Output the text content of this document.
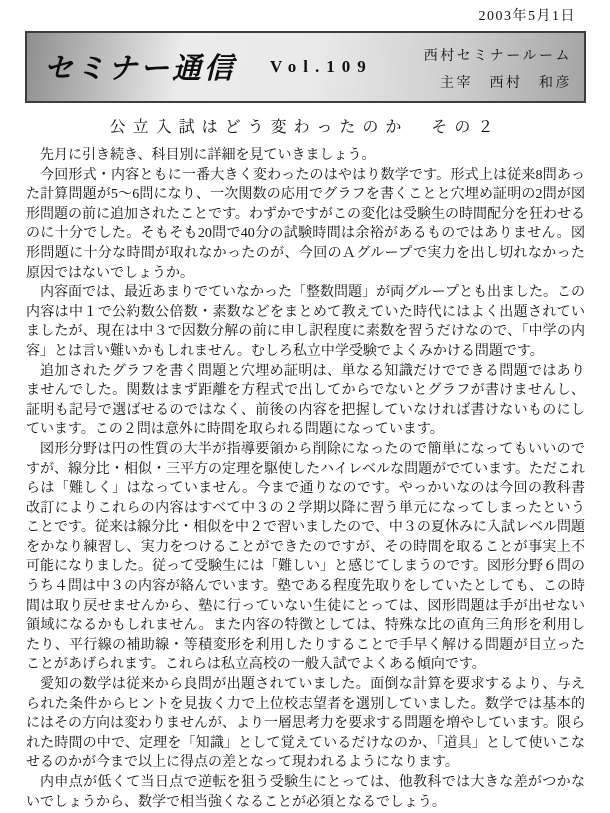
2003年5月1日
セミナー通信 Vol.109
西村セミナールーム
主宰　西村　和彦
公立入試はどう変わったのか　その２

先月に引き続き、科目別に詳細を見ていきましょう。

今回形式・内容ともに一番大きく変わったのはやはり数学です。形式上は従来8問あった計算問題が5～6問になり、一次関数の応用でグラフを書くことと穴埋め証明の2問が図形問題の前に追加されたことです。わずかですがこの変化は受験生の時間配分を狂わせるのに十分でした。そもそも20問で40分の試験時間は余裕があるものではありません。図形問題に十分な時間が取れなかったのが、今回のＡグループで実力を出し切れなかった原因ではないでしょうか。

内容面では、最近あまりでていなかった「整数問題」が両グループとも出ました。この内容は中１で公約数公倍数・素数などをまとめて教えていた時代にはよく出題されていましたが、現在は中３で因数分解の前に申し訳程度に素数を習うだけなので、「中学の内容」とは言い難いかもしれません。むしろ私立中学受験でよくみかける問題です。

追加されたグラフを書く問題と穴埋め証明は、単なる知識だけでできる問題ではありませんでした。関数はまず距離を方程式で出してからでないとグラフが書けませんし、証明も記号で選ばせるのではなく、前後の内容を把握していなければ書けないものにしています。この２問は意外に時間を取られる問題になっています。

図形分野は円の性質の大半が指導要領から削除になったので簡単になってもいいのですが、線分比・相似・三平方の定理を駆使したハイレベルな問題がでています。ただこれらは「難しく」はなっていません。今まで通りなのです。やっかいなのは今回の教科書改訂によりこれらの内容はすべて中３の２学期以降に習う単元になってしまったということです。従来は線分比・相似を中２で習いましたので、中３の夏休みに入試レベル問題をかなり練習し、実力をつけることができたのですが、その時間を取ることが事実上不可能になりました。従って受験生には「難しい」と感じてしまうのです。図形分野６問のうち４問は中３の内容が絡んでいます。塾である程度先取りをしていたとしても、この時間は取り戻せませんから、塾に行っていない生徒にとっては、図形問題は手が出せない領域になるかもしれません。また内容の特徴としては、特殊な比の直角三角形を利用したり、平行線の補助線・等積変形を利用したりすることで手早く解ける問題が目立ったことがあげられます。これらは私立高校の一般入試でよくある傾向です。

愛知の数学は従来から良問が出題されていました。面倒な計算を要求するより、与えられた条件からヒントを見抜く力で上位校志望者を選別していました。数学では基本的にはその方向は変わりませんが、より一層思考力を要求する問題を増やしています。限られた時間の中で、定理を「知識」として覚えているだけなのか、「道具」として使いこなせるのかが今まで以上に得点の差となって現われるようになります。

内申点が低くて当日点で逆転を狙う受験生にとっては、他教科では大きな差がつかないでしょうから、数学で相当強くなることが必須となるでしょう。
